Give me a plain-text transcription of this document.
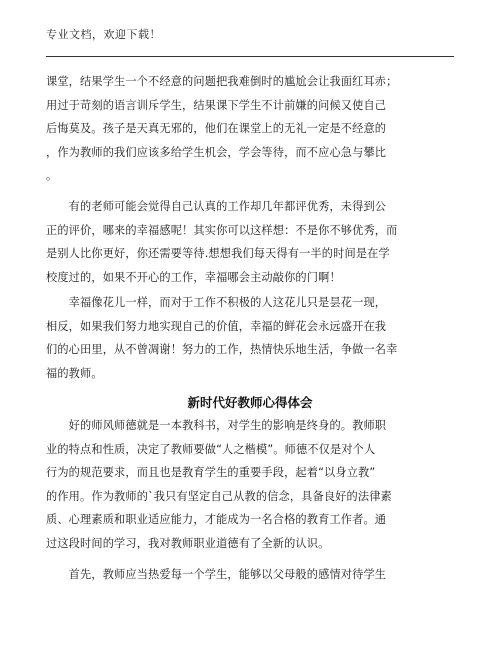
专业文档，欢迎下载！
课堂，结果学生一个不经意的问题把我难倒时的尴尬会让我面红耳赤；
用过于苛刻的语言训斥学生，结果课下学生不计前嫌的问候又使自己
后悔莫及。孩子是天真无邪的，他们在课堂上的无礼一定是不经意的
，作为教师的我们应该多给学生机会，学会等待，而不应心急与攀比
。
　　有的老师可能会觉得自己认真的工作却几年都评优秀，未得到公
正的评价，哪来的幸福感呢！其实你可以这样想：不是你不够优秀，而
是别人比你更好，你还需要等待.想想我们每天得有一半的时间是在学
校度过的，如果不开心的工作，幸福哪会主动敲你的门啊！
　　幸福像花儿一样，而对于工作不积极的人这花儿只是昙花一现，
相反，如果我们努力地实现自己的价值，幸福的鲜花会永远盛开在我
们的心田里，从不曾凋谢！努力的工作，热情快乐地生活，争做一名幸
福的教师。
新时代好教师心得体会
　　好的师风师德就是一本教科书，对学生的影响是终身的。教师职
业的特点和性质，决定了教师要做“人之楷模”。师德不仅是对个人
行为的规范要求，而且也是教育学生的重要手段，起着“以身立教”
的作用。作为教师的`我只有坚定自己从教的信念，具备良好的法律素
质、心理素质和职业适应能力，才能成为一名合格的教育工作者。通
过这段时间的学习，我对教师职业道德有了全新的认识。
　　首先，教师应当热爱每一个学生，能够以父母般的感情对待学生
